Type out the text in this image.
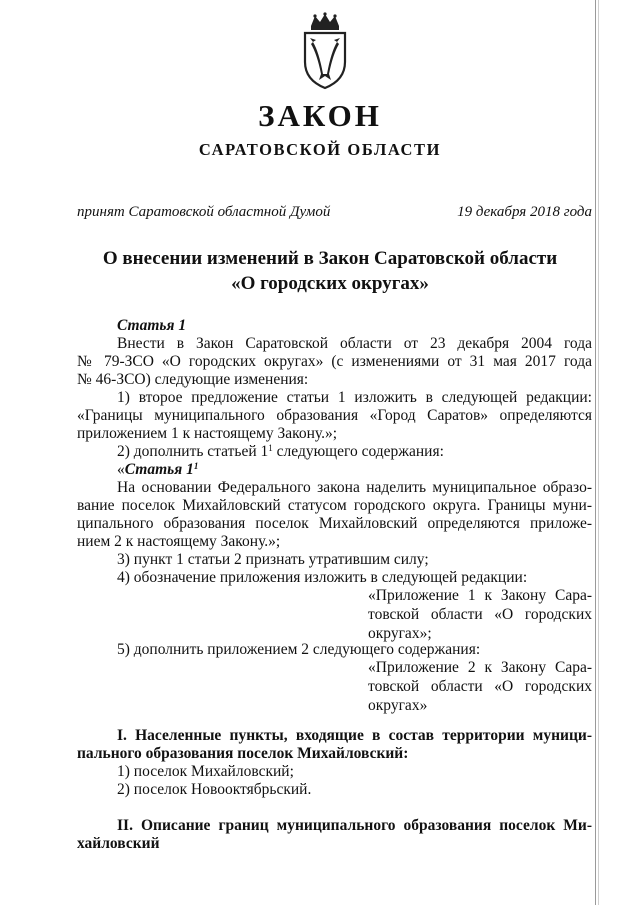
ЗАКОН
САРАТОВСКОЙ ОБЛАСТИ
принят Саратовской областной Думой	19 декабря 2018 года
О внесении изменений в Закон Саратовской области
«О городских округах»
Статья 1
Внести в Закон Саратовской области от 23 декабря 2004 года
№ 79-ЗСО «О городских округах» (с изменениями от 31 мая 2017 года
№ 46-ЗСО) следующие изменения:
1) второе предложение статьи 1 изложить в следующей редакции:
«Границы муниципального образования «Город Саратов» определяются
приложением 1 к настоящему Закону.»;
2) дополнить статьей $1^1$ следующего содержания:
«Статья $1^1$
На основании Федерального закона наделить муниципальное образо-
вание поселок Михайловский статусом городского округа. Границы муни-
ципального образования поселок Михайловский определяются приложе-
нием 2 к настоящему Закону.»;
3) пункт 1 статьи 2 признать утратившим силу;
4) обозначение приложения изложить в следующей редакции:
«Приложение 1 к Закону Сара-
товской области «О городских
округах»;
5) дополнить приложением 2 следующего содержания:
«Приложение 2 к Закону Сара-
товской области «О городских
округах»
I. Населенные пункты, входящие в состав территории муници-
пального образования поселок Михайловский:
1) поселок Михайловский;
2) поселок Новооктябрьский.
II. Описание границ муниципального образования поселок Ми-
хайловский
